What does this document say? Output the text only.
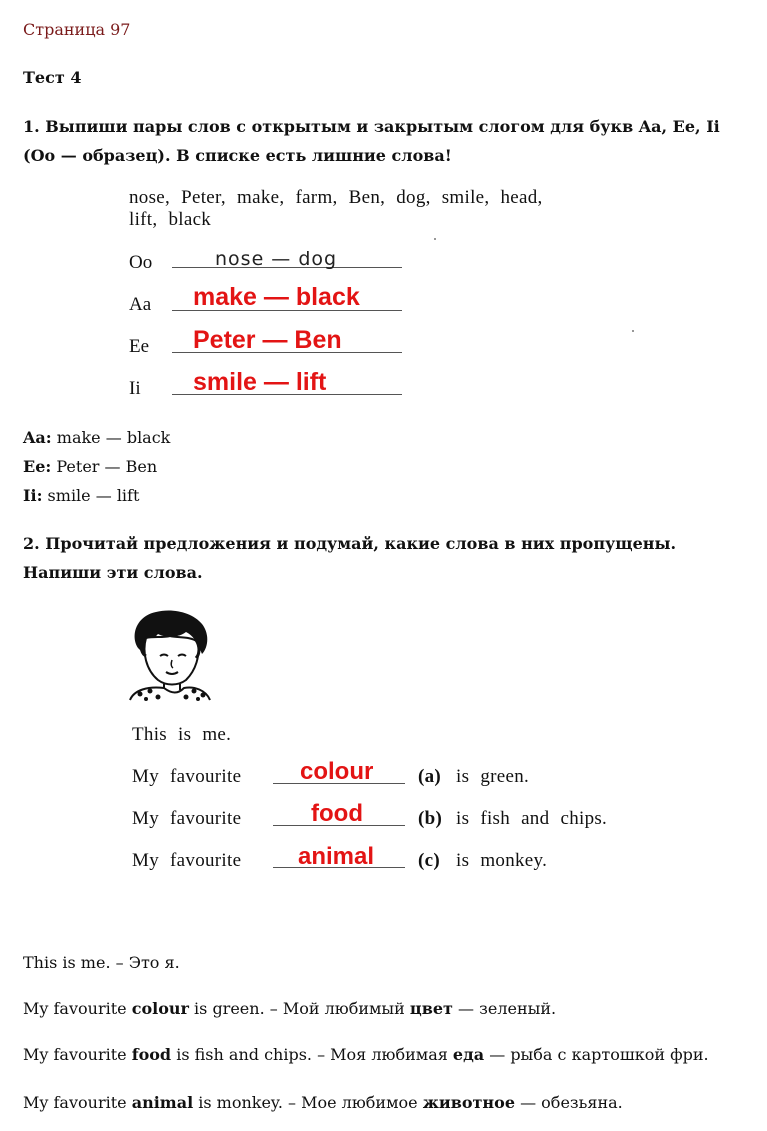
Страница 97
Тест 4
1. Выпиши пары слов с открытым и закрытым слогом для букв Aa, Ee, Ii
(Oo — образец). В списке есть лишние слова!
nose, Peter, make, farm, Ben, dog, smile, head,
lift, black
Oo	nose — dog
Aa make — black
Ee Peter — Ben
Ii smile — lift
Aa: make — black
Ee: Peter — Ben
Ii: smile — lift
2. Прочитай предложения и подумай, какие слова в них пропущены.
Напиши эти слова.
This is me.
My favourite colour (a) is green.
My favourite	food	(b) is fish and chips.
My favourite animal (c) is monkey.
This is me. – Это я.
My favourite colour is green. – Мой любимый цвет — зеленый.
My favourite food is fish and chips. – Моя любимая еда — рыба с картошкой фри.
My favourite animal is monkey. – Мое любимое животное — обезьяна.
